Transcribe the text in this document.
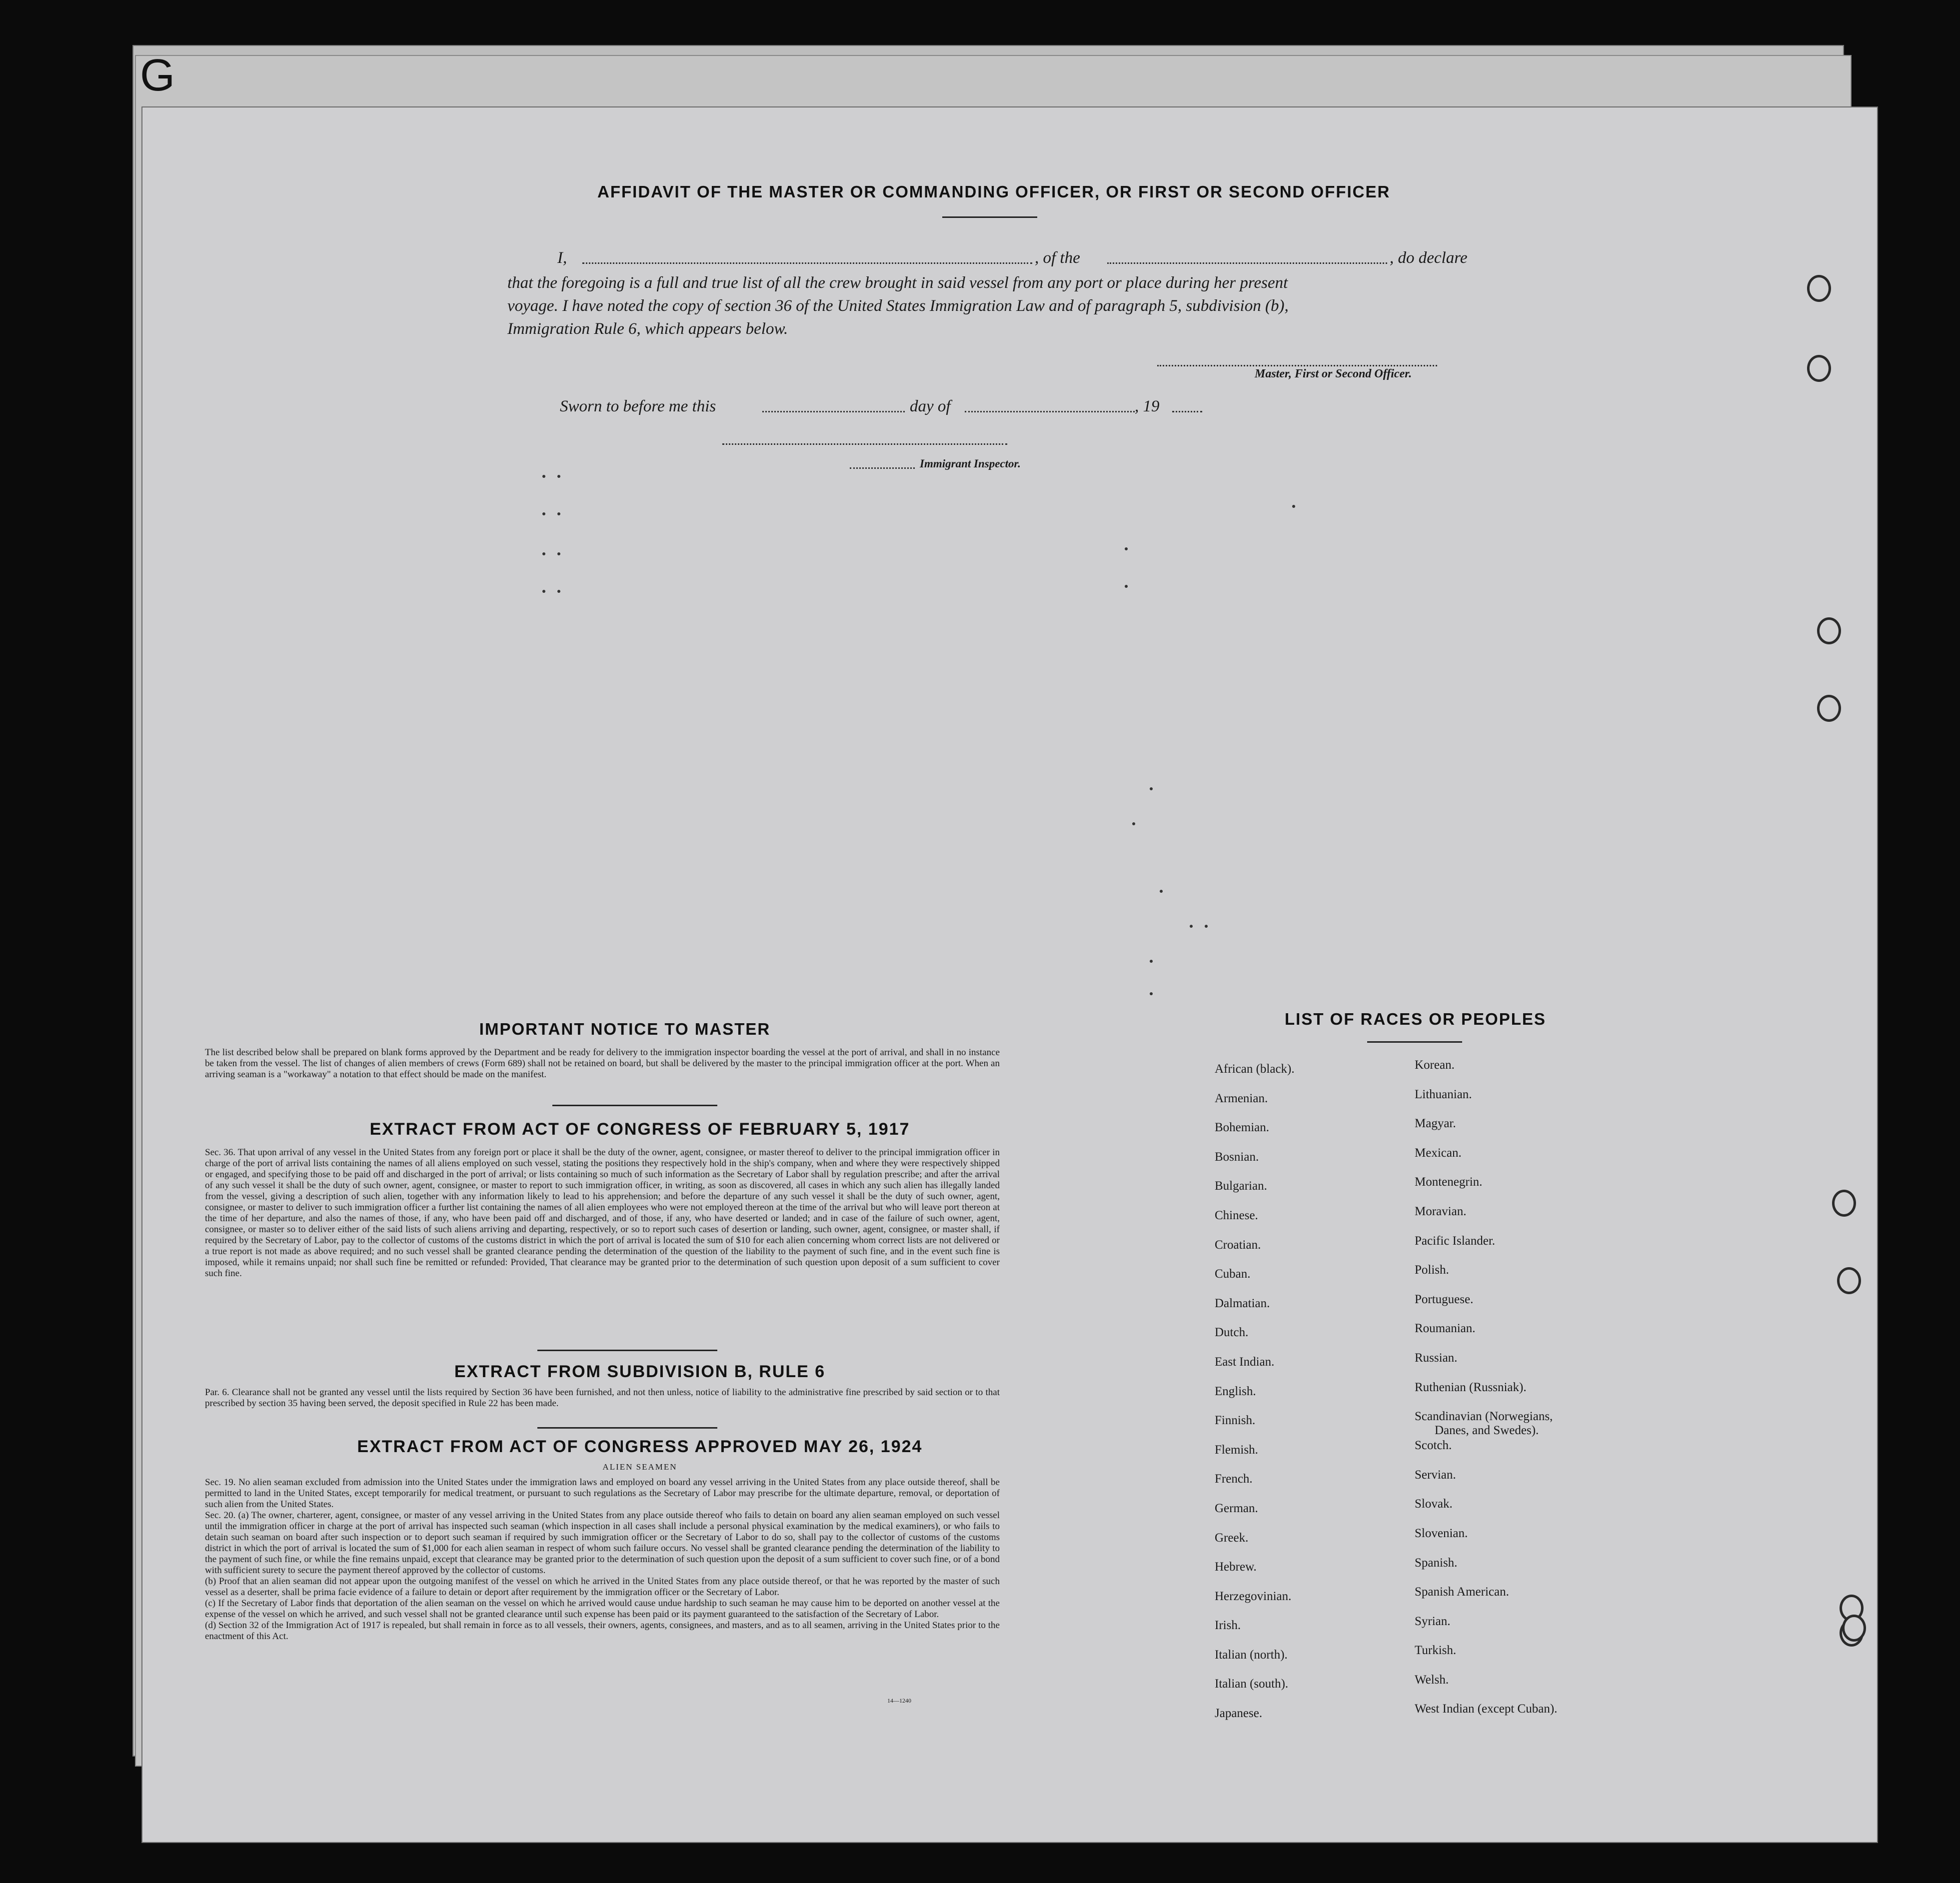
G
AFFIDAVIT OF THE MASTER OR COMMANDING OFFICER, OR FIRST OR SECOND OFFICER
I,	, of the	, do declare
that the foregoing is a full and true list of all the crew brought in said vessel from any port or place during her present
voyage. I have noted the copy of section 36 of the United States Immigration Law and of paragraph 5, subdivision (b),
Immigration Rule 6, which appears below.
Master, First or Second Officer.
Sworn to before me this	day of	, 19
Immigrant Inspector.
IMPORTANT NOTICE TO MASTER
The list described below shall be prepared on blank forms approved by the Department and be ready for delivery to the immigration inspector boarding the vessel at the port of arrival, and shall in no instance be taken from the vessel. The list of changes of alien members of crews (Form 689) shall not be retained on board, but shall be delivered by the master to the principal immigration officer at the port. When an arriving seaman is a "workaway" a notation to that effect should be made on the manifest.
EXTRACT FROM ACT OF CONGRESS OF FEBRUARY 5, 1917
Sec. 36. That upon arrival of any vessel in the United States from any foreign port or place it shall be the duty of the owner, agent, consignee, or master thereof to deliver to the principal immigration officer in charge of the port of arrival lists containing the names of all aliens employed on such vessel, stating the positions they respectively hold in the ship's company, when and where they were respectively shipped or engaged, and specifying those to be paid off and discharged in the port of arrival; or lists containing so much of such information as the Secretary of Labor shall by regulation prescribe; and after the arrival of any such vessel it shall be the duty of such owner, agent, consignee, or master to report to such immigration officer, in writing, as soon as discovered, all cases in which any such alien has illegally landed from the vessel, giving a description of such alien, together with any information likely to lead to his apprehension; and before the departure of any such vessel it shall be the duty of such owner, agent, consignee, or master to deliver to such immigration officer a further list containing the names of all alien employees who were not employed thereon at the time of the arrival but who will leave port thereon at the time of her departure, and also the names of those, if any, who have been paid off and discharged, and of those, if any, who have deserted or landed; and in case of the failure of such owner, agent, consignee, or master so to deliver either of the said lists of such aliens arriving and departing, respectively, or so to report such cases of desertion or landing, such owner, agent, consignee, or master shall, if required by the Secretary of Labor, pay to the collector of customs of the customs district in which the port of arrival is located the sum of $10 for each alien concerning whom correct lists are not delivered or a true report is not made as above required; and no such vessel shall be granted clearance pending the determination of the question of the liability to the payment of such fine, and in the event such fine is imposed, while it remains unpaid; nor shall such fine be remitted or refunded: Provided, That clearance may be granted prior to the determination of such question upon deposit of a sum sufficient to cover such fine.
EXTRACT FROM SUBDIVISION B, RULE 6
Par. 6. Clearance shall not be granted any vessel until the lists required by Section 36 have been furnished, and not then unless, notice of liability to the administrative fine prescribed by said section or to that prescribed by section 35 having been served, the deposit specified in Rule 22 has been made.
EXTRACT FROM ACT OF CONGRESS APPROVED MAY 26, 1924
ALIEN SEAMEN
Sec. 19. No alien seaman excluded from admission into the United States under the immigration laws and employed on board any vessel arriving in the United States from any place outside thereof, shall be permitted to land in the United States, except temporarily for medical treatment, or pursuant to such regulations as the Secretary of Labor may prescribe for the ultimate departure, removal, or deportation of such alien from the United States.
Sec. 20. (a) The owner, charterer, agent, consignee, or master of any vessel arriving in the United States from any place outside thereof who fails to detain on board any alien seaman employed on such vessel until the immigration officer in charge at the port of arrival has inspected such seaman (which inspection in all cases shall include a personal physical examination by the medical examiners), or who fails to detain such seaman on board after such inspection or to deport such seaman if required by such immigration officer or the Secretary of Labor to do so, shall pay to the collector of customs of the customs district in which the port of arrival is located the sum of $1,000 for each alien seaman in respect of whom such failure occurs. No vessel shall be granted clearance pending the determination of the liability to the payment of such fine, or while the fine remains unpaid, except that clearance may be granted prior to the determination of such question upon the deposit of a sum sufficient to cover such fine, or of a bond with sufficient surety to secure the payment thereof approved by the collector of customs.
(b) Proof that an alien seaman did not appear upon the outgoing manifest of the vessel on which he arrived in the United States from any place outside thereof, or that he was reported by the master of such vessel as a deserter, shall be prima facie evidence of a failure to detain or deport after requirement by the immigration officer or the Secretary of Labor.
(c) If the Secretary of Labor finds that deportation of the alien seaman on the vessel on which he arrived would cause undue hardship to such seaman he may cause him to be deported on another vessel at the expense of the vessel on which he arrived, and such vessel shall not be granted clearance until such expense has been paid or its payment guaranteed to the satisfaction of the Secretary of Labor.
(d) Section 32 of the Immigration Act of 1917 is repealed, but shall remain in force as to all vessels, their owners, agents, consignees, and masters, and as to all seamen, arriving in the United States prior to the enactment of this Act.
14—1240
LIST OF RACES OR PEOPLES
African (black).
Armenian.
Bohemian.
Bosnian.
Bulgarian.
Chinese.
Croatian.
Cuban.
Dalmatian.
Dutch.
East Indian.
English.
Finnish.
Flemish.
French.
German.
Greek.
Hebrew.
Herzegovinian.
Irish.
Italian (north).
Italian (south).
Japanese.
Korean.
Lithuanian.
Magyar.
Mexican.
Montenegrin.
Moravian.
Pacific Islander.
Polish.
Portuguese.
Roumanian.
Russian.
Ruthenian (Russniak).
Scandinavian (Norwegians,
Danes, and Swedes).
Scotch.
Servian.
Slovak.
Slovenian.
Spanish.
Spanish American.
Syrian.
Turkish.
Welsh.
West Indian (except Cuban).
